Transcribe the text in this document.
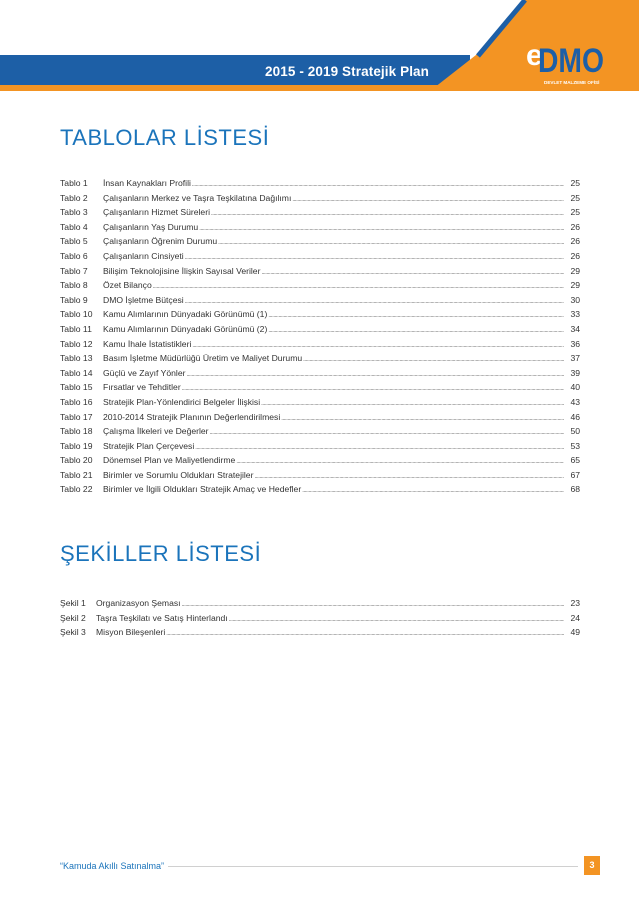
2015 - 2019 Stratejik Plan	e
DMO
DEVLET MALZEME OFİSİ
TABLOLAR LİSTESİ
Tablo 1	İnsan Kaynakları Profili .....	25
Tablo 2	Çalışanların Merkez ve Taşra Teşkilatına Dağılımı .....	25
Tablo 3	Çalışanların Hizmet Süreleri .....	25
Tablo 4	Çalışanların Yaş Durumu .....	26
Tablo 5	Çalışanların Öğrenim Durumu .....	26
Tablo 6	Çalışanların Cinsiyeti .....	26
Tablo 7	Bilişim Teknolojisine İlişkin Sayısal Veriler .....	29
Tablo 8	Özet Bilanço .....	29
Tablo 9	DMO İşletme Bütçesi .....	30
Tablo 10	Kamu Alımlarının Dünyadaki Görünümü (1) .....	33
Tablo 11	Kamu Alımlarının Dünyadaki Görünümü (2) .....	34
Tablo 12	Kamu İhale İstatistikleri .....	36
Tablo 13	Basım İşletme Müdürlüğü Üretim ve Maliyet Durumu .....	37
Tablo 14	Güçlü ve Zayıf Yönler .....	39
Tablo 15	Fırsatlar ve Tehditler .....	40
Tablo 16	Stratejik Plan-Yönlendirici Belgeler İlişkisi .....	43
Tablo 17	2010-2014 Stratejik Planının Değerlendirilmesi .....	46
Tablo 18	Çalışma İlkeleri ve Değerler .....	50
Tablo 19	Stratejik Plan Çerçevesi .....	53
Tablo 20	Dönemsel Plan ve Maliyetlendirme .....	65
Tablo 21	Birimler ve Sorumlu Oldukları Stratejiler .....	67
Tablo 22	Birimler ve İlgili Oldukları Stratejik Amaç ve Hedefler .....	68
ŞEKİLLER LİSTESİ
Şekil 1	Organizasyon Şeması .....	23
Şekil 2	Taşra Teşkilatı ve Satış Hinterlandı .....	24
Şekil 3	Misyon Bileşenleri .....	49
“Kamuda Akıllı Satınalma”	3
